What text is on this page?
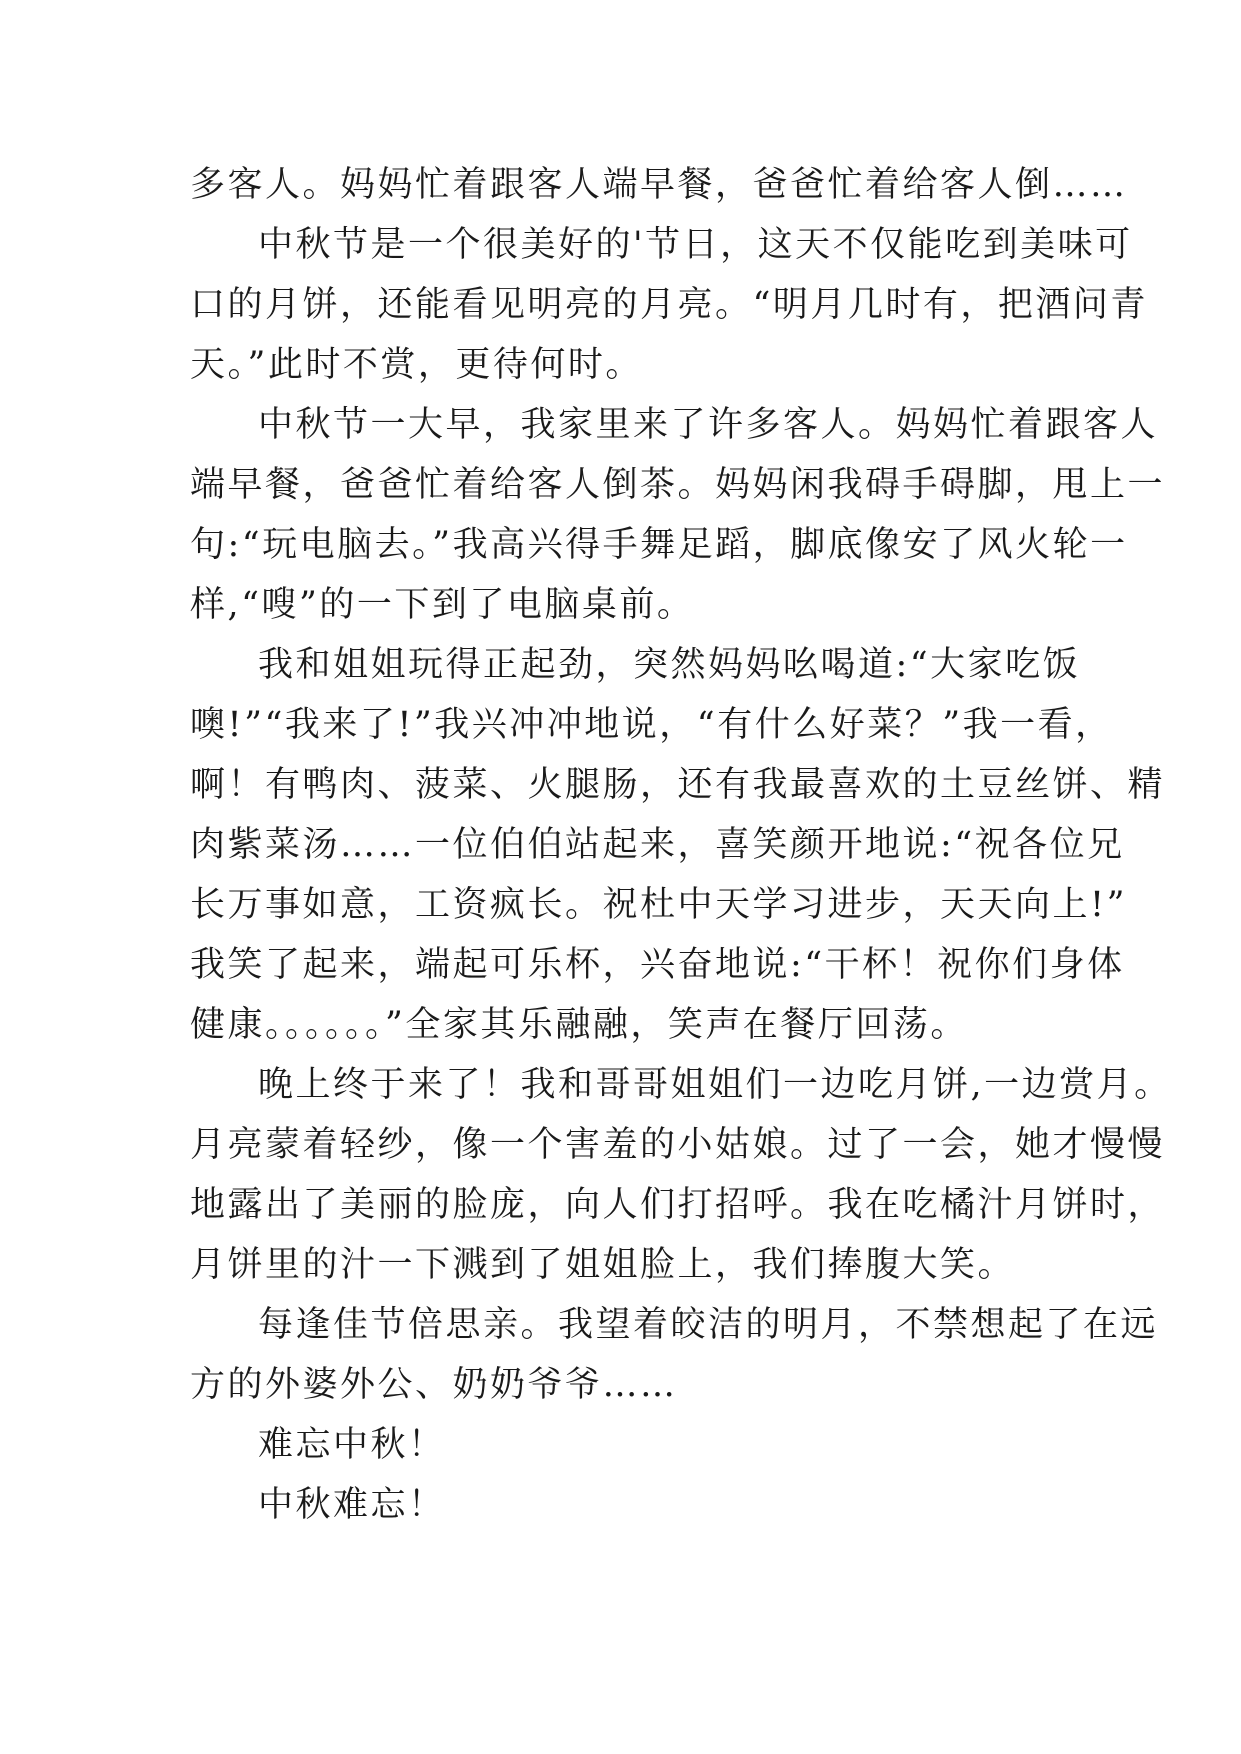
多客人。妈妈忙着跟客人端早餐，爸爸忙着给客人倒……
中秋节是一个很美好的'节日，这天不仅能吃到美味可
口的月饼，还能看见明亮的月亮。“明月几时有，把酒问青
天。”此时不赏，更待何时。
中秋节一大早，我家里来了许多客人。妈妈忙着跟客人
端早餐，爸爸忙着给客人倒茶。妈妈闲我碍手碍脚，甩上一
句:“玩电脑去。”我高兴得手舞足蹈，脚底像安了风火轮一
样,“嗖”的一下到了电脑桌前。
我和姐姐玩得正起劲，突然妈妈吆喝道:“大家吃饭
噢!”“我来了!”我兴冲冲地说，“有什么好菜？”我一看，
啊！有鸭肉、菠菜、火腿肠，还有我最喜欢的土豆丝饼、精
肉紫菜汤……一位伯伯站起来，喜笑颜开地说:“祝各位兄
长万事如意，工资疯长。祝杜中天学习进步，天天向上!”
我笑了起来，端起可乐杯，兴奋地说:“干杯！祝你们身体
健康。。。。。。”全家其乐融融，笑声在餐厅回荡。
晚上终于来了！我和哥哥姐姐们一边吃月饼,一边赏月。
月亮蒙着轻纱，像一个害羞的小姑娘。过了一会，她才慢慢
地露出了美丽的脸庞，向人们打招呼。我在吃橘汁月饼时，
月饼里的汁一下溅到了姐姐脸上，我们捧腹大笑。
每逢佳节倍思亲。我望着皎洁的明月，不禁想起了在远
方的外婆外公、奶奶爷爷……
难忘中秋！
中秋难忘！
